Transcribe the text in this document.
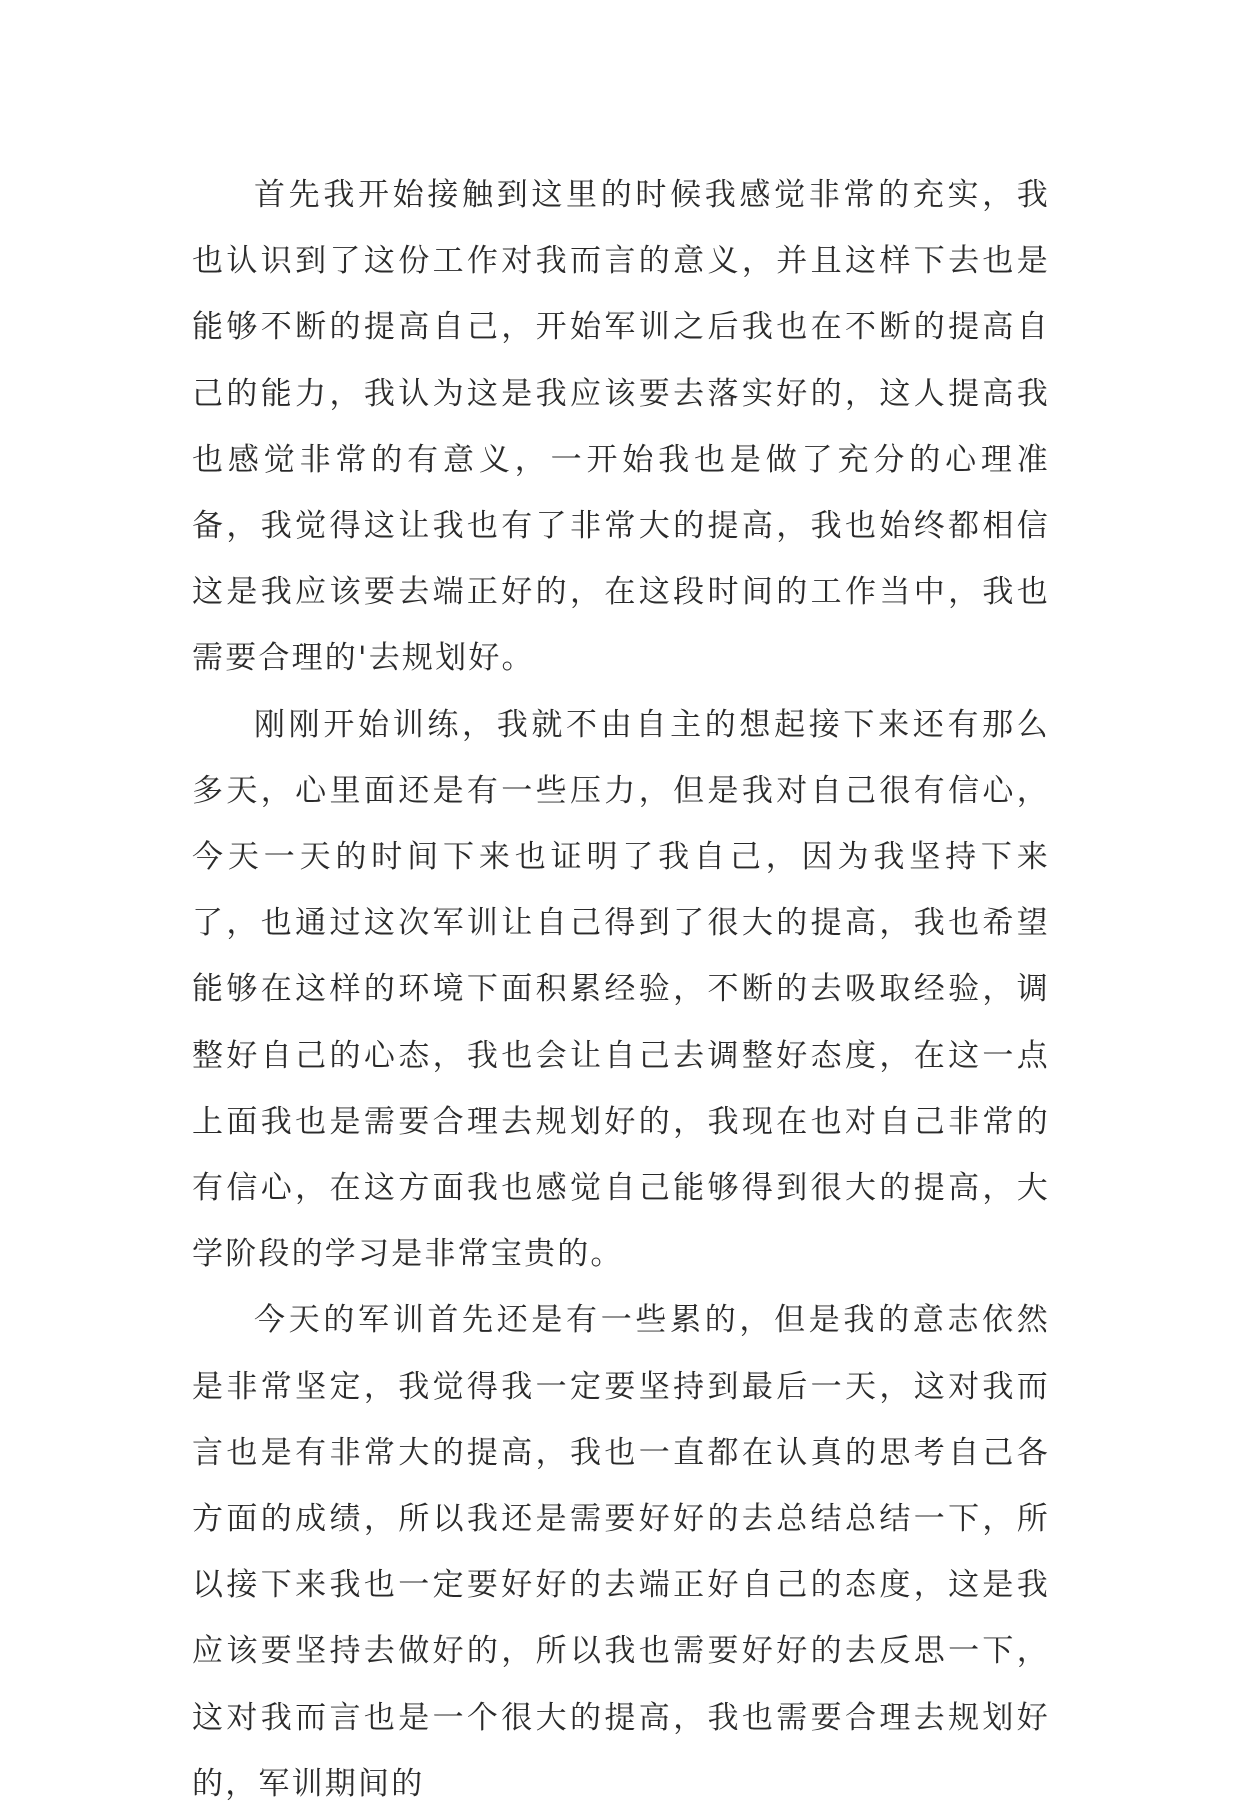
首先我开始接触到这里的时候我感觉非常的充实，我也认识到了这份工作对我而言的意义，并且这样下去也是能够不断的提高自己，开始军训之后我也在不断的提高自己的能力，我认为这是我应该要去落实好的，这人提高我也感觉非常的有意义，一开始我也是做了充分的心理准备，我觉得这让我也有了非常大的提高，我也始终都相信这是我应该要去端正好的，在这段时间的工作当中，我也需要合理的'去规划好。

刚刚开始训练，我就不由自主的想起接下来还有那么多天，心里面还是有一些压力，但是我对自己很有信心，今天一天的时间下来也证明了我自己，因为我坚持下来了，也通过这次军训让自己得到了很大的提高，我也希望能够在这样的环境下面积累经验，不断的去吸取经验，调整好自己的心态，我也会让自己去调整好态度，在这一点上面我也是需要合理去规划好的，我现在也对自己非常的有信心，在这方面我也感觉自己能够得到很大的提高，大学阶段的学习是非常宝贵的。

今天的军训首先还是有一些累的，但是我的意志依然是非常坚定，我觉得我一定要坚持到最后一天，这对我而言也是有非常大的提高，我也一直都在认真的思考自己各方面的成绩，所以我还是需要好好的去总结总结一下，所以接下来我也一定要好好的去端正好自己的态度，这是我应该要坚持去做好的，所以我也需要好好的去反思一下，这对我而言也是一个很大的提高，我也需要合理去规划好的，军训期间的
